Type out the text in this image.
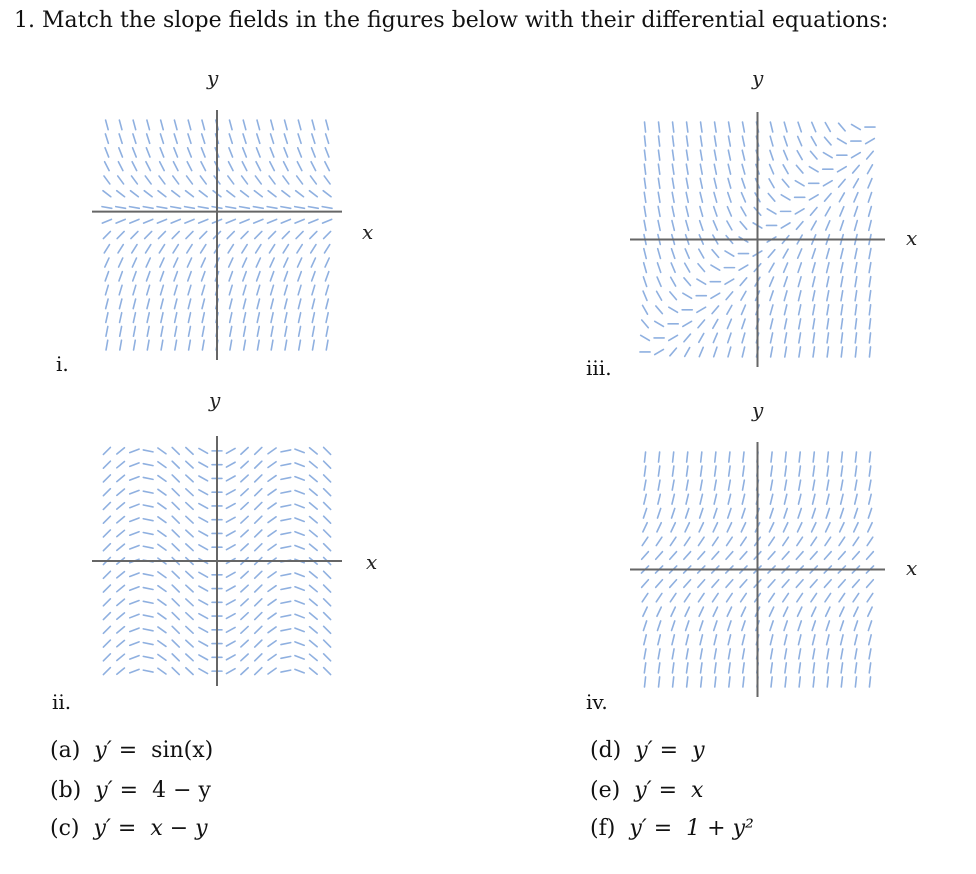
1. Match the slope fields in the figures below with their differential equations:
y
x
i.
y
x
iii.
y
x
ii.
y
x
iv.
(a) y′ = sin(x)
(b) y′ = 4 − y
(c) y′ = x − y
(d) y′ = y
(e) y′ = x
(f) y′ = 1 + y²
